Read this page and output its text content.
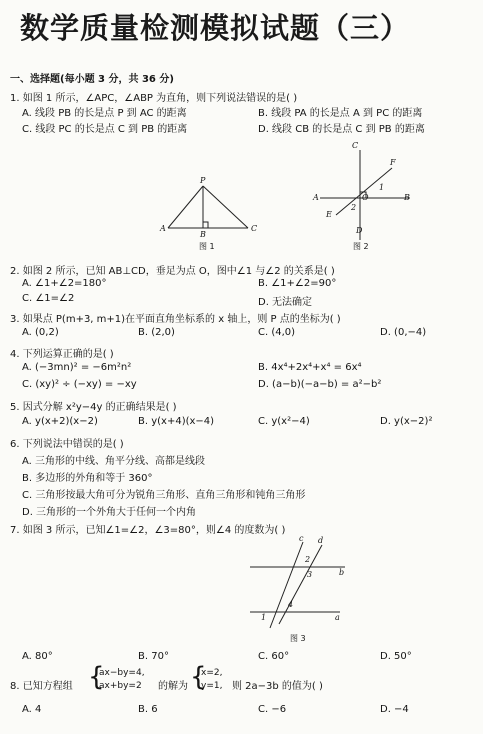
数学质量检测模拟试题（三）
一、选择题(每小题 3 分，共 36 分)
1. 如图 1 所示，∠APC，∠ABP 为直角，则下列说法错误的是( )
A. 线段 PB 的长是点 P 到 AC 的距离	B. 线段 PA 的长是点 A 到 PC 的距离
C. 线段 PC 的长是点 C 到 PB 的距离	D. 线段 CB 的长是点 C 到 PB 的距离
P
A
B
C
图 1
C
F
1
A	O	B
2
E
D
图 2
2. 如图 2 所示，已知 AB⊥CD，垂足为点 O，图中∠1 与∠2 的关系是( )
A. ∠1+∠2=180°	B. ∠1+∠2=90°
C. ∠1=∠2	D. 无法确定
3. 如果点 P(m+3, m+1)在平面直角坐标系的 x 轴上，则 P 点的坐标为( )
A. (0,2)	B. (2,0)	C. (4,0)	D. (0,−4)
4. 下列运算正确的是( )
A. (−3mn)² = −6m²n²	B. 4x⁴+2x⁴+x⁴ = 6x⁴
C. (xy)² ÷ (−xy) = −xy	D. (a−b)(−a−b) = a²−b²
5. 因式分解 x²y−4y 的正确结果是( )
A. y(x+2)(x−2)	B. y(x+4)(x−4)	C. y(x²−4)	D. y(x−2)²
6. 下列说法中错误的是( )
A. 三角形的中线、角平分线、高都是线段
B. 多边形的外角和等于 360°
C. 三角形按最大角可分为锐角三角形、直角三角形和钝角三角形
D. 三角形的一个外角大于任何一个内角
7. 如图 3 所示，已知∠1=∠2，∠3=80°，则∠4 的度数为( )
c d
2
3	b
4
1	a
图 3
A. 80°	B. 70°	C. 60°	D. 50°
8. 已知方程组 {
ax−by=4,
ax+by=2 的解为 {
x=2,
y=1, 则 2a−3b 的值为( )
A. 4	B. 6	C. −6	D. −4
